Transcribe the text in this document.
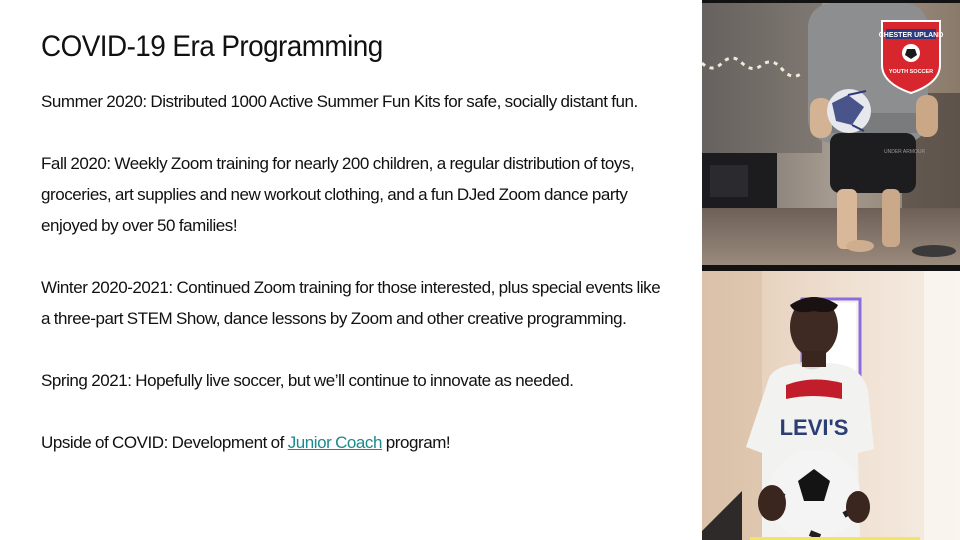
COVID-19 Era Programming

Summer 2020: Distributed 1000 Active Summer Fun Kits for safe, socially distant fun.

Fall 2020: Weekly Zoom training for nearly 200 children, a regular distribution of toys, groceries, art supplies and new workout clothing, and a fun DJed Zoom dance party enjoyed by over 50 families!

Winter 2020-2021: Continued Zoom training for those interested, plus special events like a three-part STEM Show, dance lessons by Zoom and other creative programming.

Spring 2021: Hopefully live soccer, but we’ll continue to innovate as needed.

Upside of COVID: Development of Junior Coach program!

UNDER ARMOUR
CHESTER UPLAND
YOUTH SOCCER
LEVI'S
